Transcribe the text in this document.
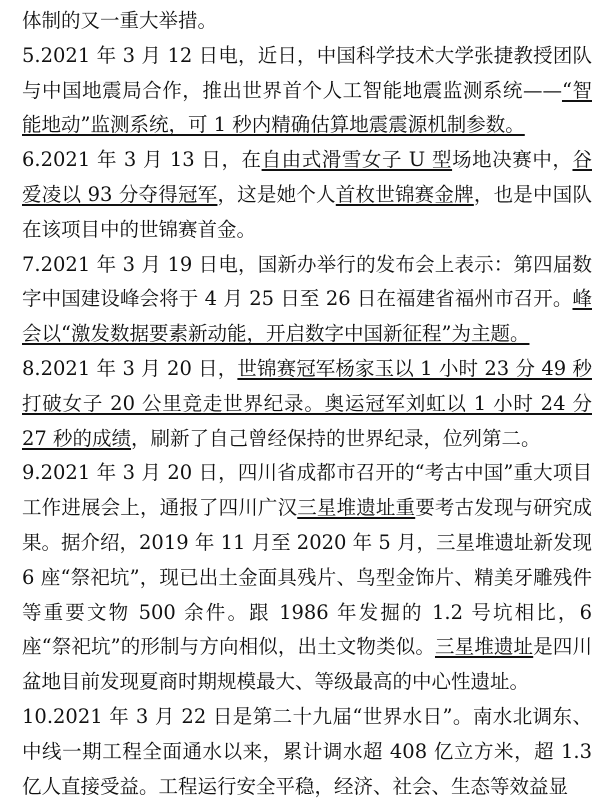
体制的又一重大举措。

5.2021 年 3 月 12 日电，近日，中国科学技术大学张捷教授团队与中国地震局合作，推出世界首个人工智能地震监测系统——“智能地动”监测系统，可 1 秒内精确估算地震震源机制参数。

6.2021 年 3 月 13 日，在自由式滑雪女子 U 型场地决赛中，谷爱凌以 93 分夺得冠军，这是她个人首枚世锦赛金牌，也是中国队在该项目中的世锦赛首金。

7.2021 年 3 月 19 日电，国新办举行的发布会上表示：第四届数字中国建设峰会将于 4 月 25 日至 26 日在福建省福州市召开。峰会以“激发数据要素新动能，开启数字中国新征程”为主题。

8.2021 年 3 月 20 日，世锦赛冠军杨家玉以 1 小时 23 分 49 秒打破女子 20 公里竞走世界纪录。奥运冠军刘虹以 1 小时 24 分 27 秒的成绩，刷新了自己曾经保持的世界纪录，位列第二。

9.2021 年 3 月 20 日，四川省成都市召开的“考古中国”重大项目工作进展会上，通报了四川广汉三星堆遗址重要考古发现与研究成果。据介绍，2019 年 11 月至 2020 年 5 月，三星堆遗址新发现 6 座“祭祀坑”，现已出土金面具残片、鸟型金饰片、精美牙雕残件等重要文物 500 余件。跟 1986 年发掘的 1.2 号坑相比，6 座“祭祀坑”的形制与方向相似，出土文物类似。三星堆遗址是四川盆地目前发现夏商时期规模最大、等级最高的中心性遗址。

10.2021 年 3 月 22 日是第二十九届“世界水日”。南水北调东、中线一期工程全面通水以来，累计调水超 408 亿立方米，超 1.3 亿人直接受益。工程运行安全平稳，经济、社会、生态等效益显
